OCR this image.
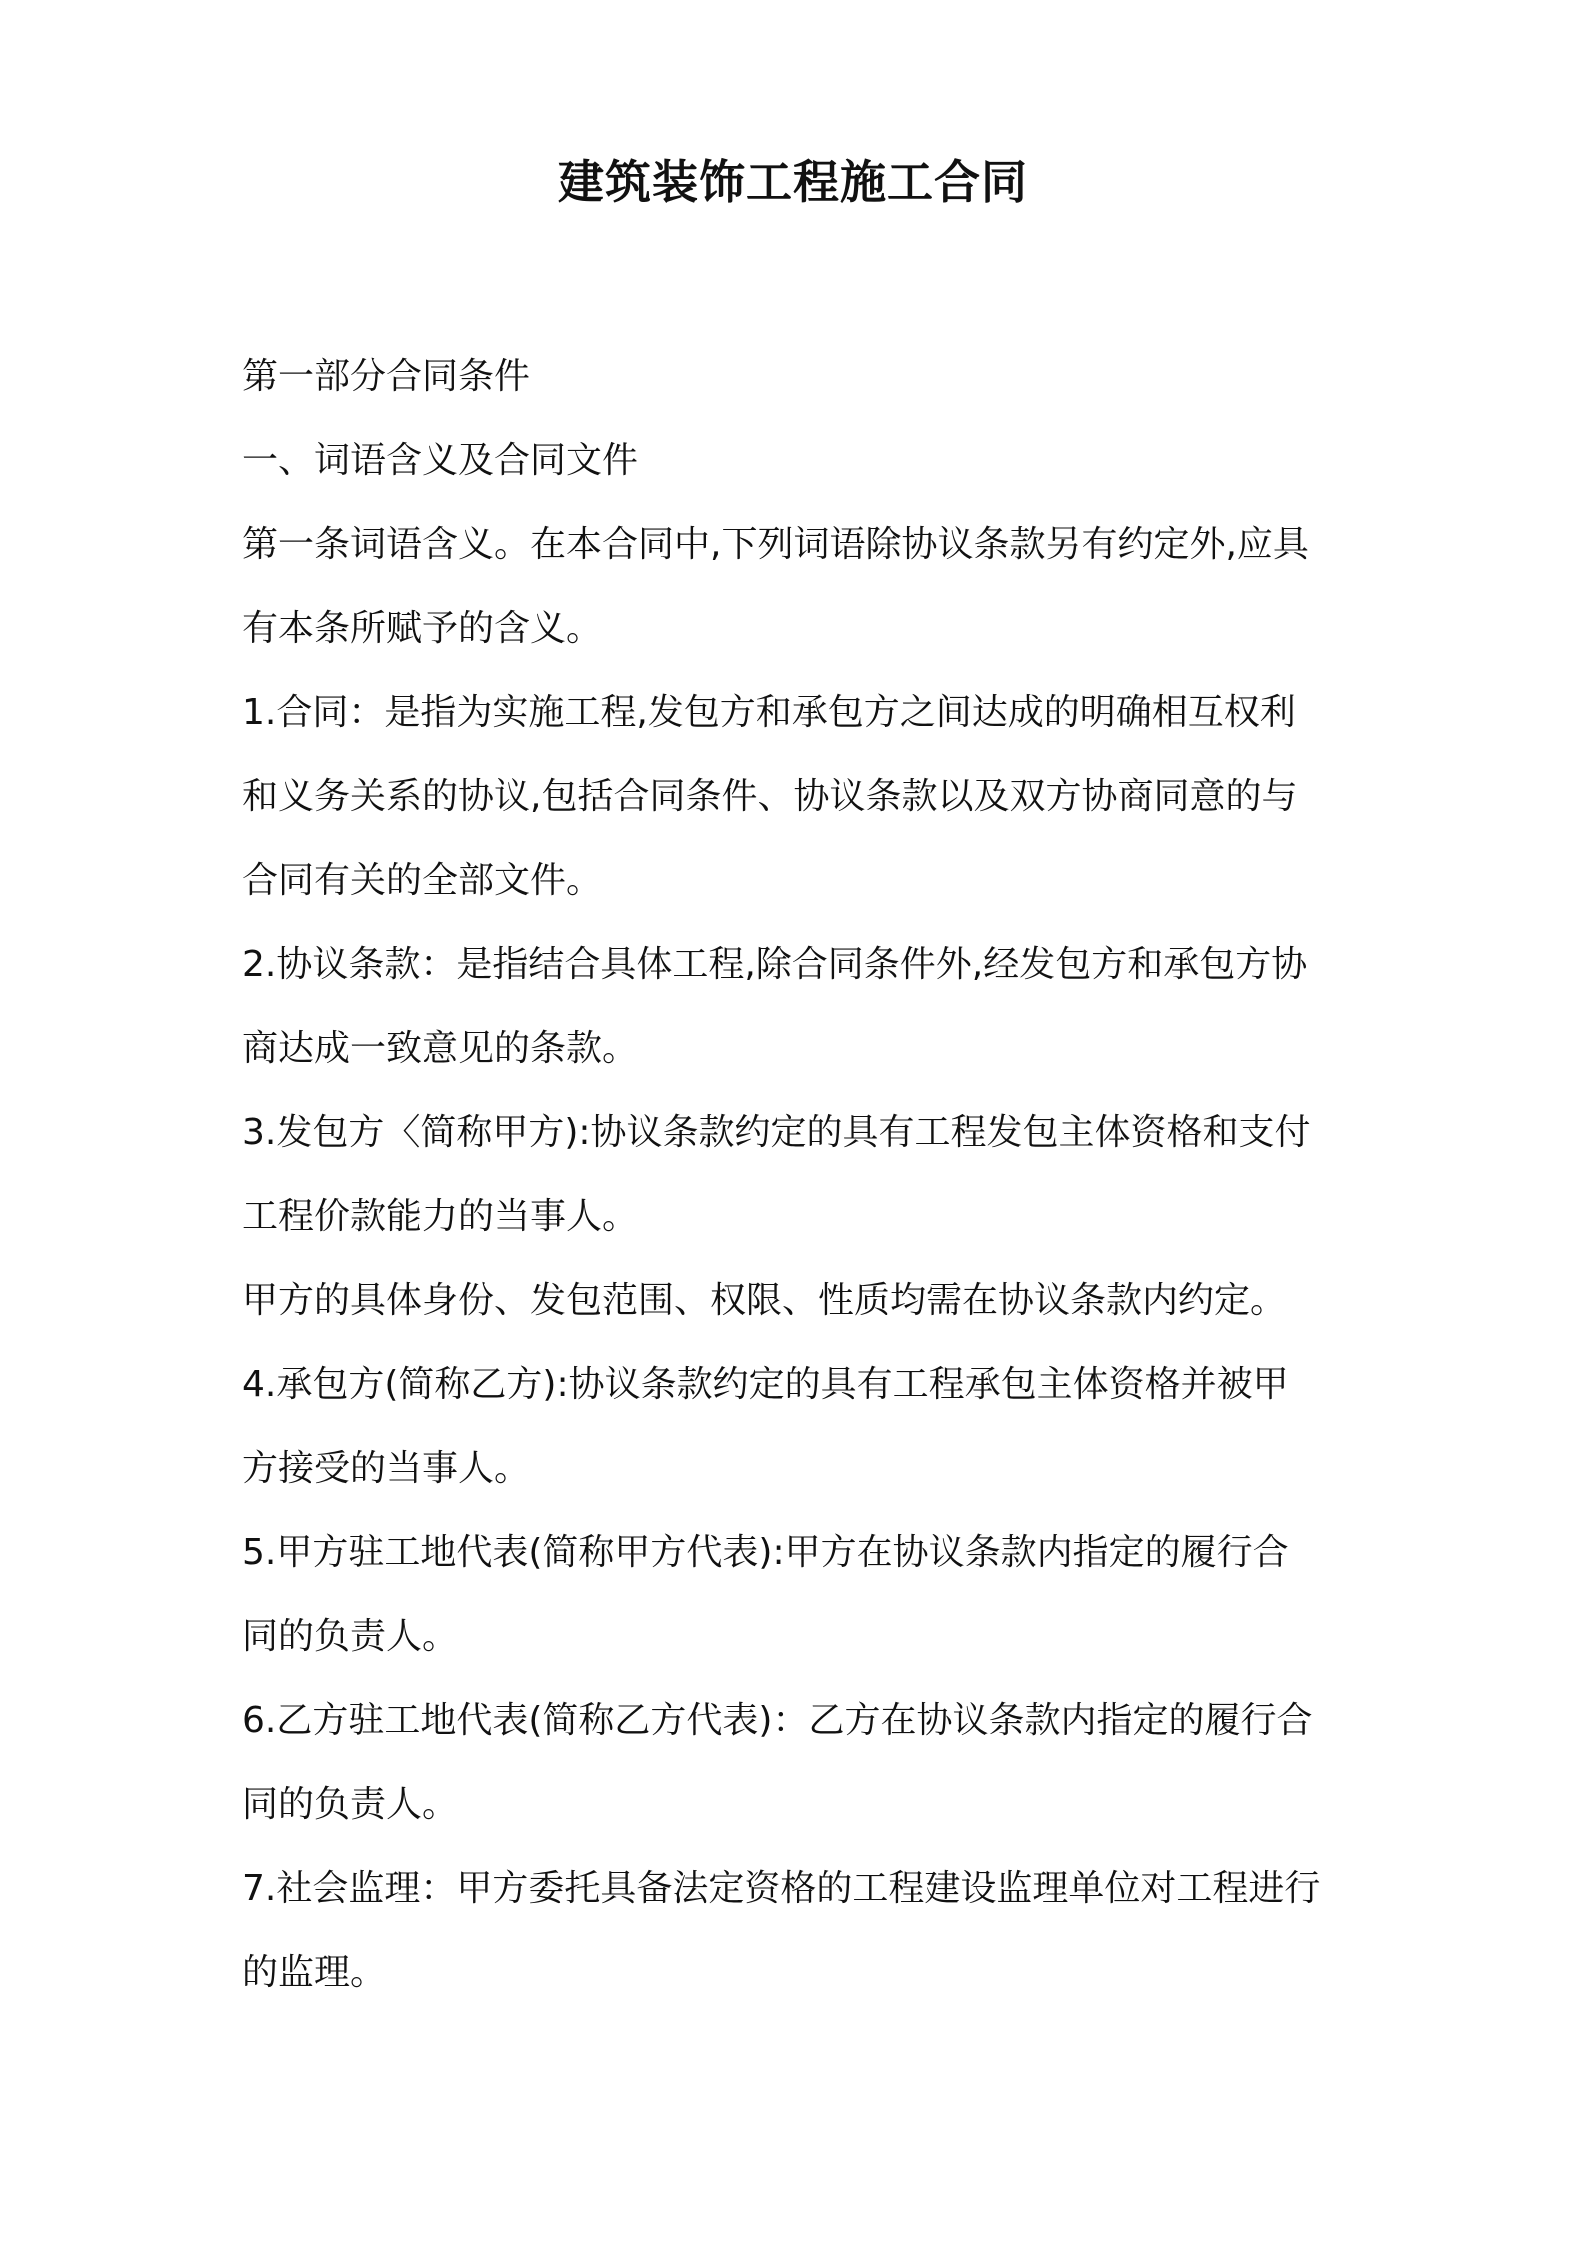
建筑装饰工程施工合同
第一部分合同条件
一、词语含义及合同文件
第一条词语含义。在本合同中,下列词语除协议条款另有约定外,应具
有本条所赋予的含义。
1.合同：是指为实施工程,发包方和承包方之间达成的明确相互权利
和义务关系的协议,包括合同条件、协议条款以及双方协商同意的与
合同有关的全部文件。
2.协议条款：是指结合具体工程,除合同条件外,经发包方和承包方协
商达成一致意见的条款。
3.发包方〈简称甲方):协议条款约定的具有工程发包主体资格和支付
工程价款能力的当事人。
甲方的具体身份、发包范围、权限、性质均需在协议条款内约定。
4.承包方(简称乙方):协议条款约定的具有工程承包主体资格并被甲
方接受的当事人。
5.甲方驻工地代表(简称甲方代表):甲方在协议条款内指定的履行合
同的负责人。
6.乙方驻工地代表(简称乙方代表)：乙方在协议条款内指定的履行合
同的负责人。
7.社会监理：甲方委托具备法定资格的工程建设监理单位对工程进行
的监理。
